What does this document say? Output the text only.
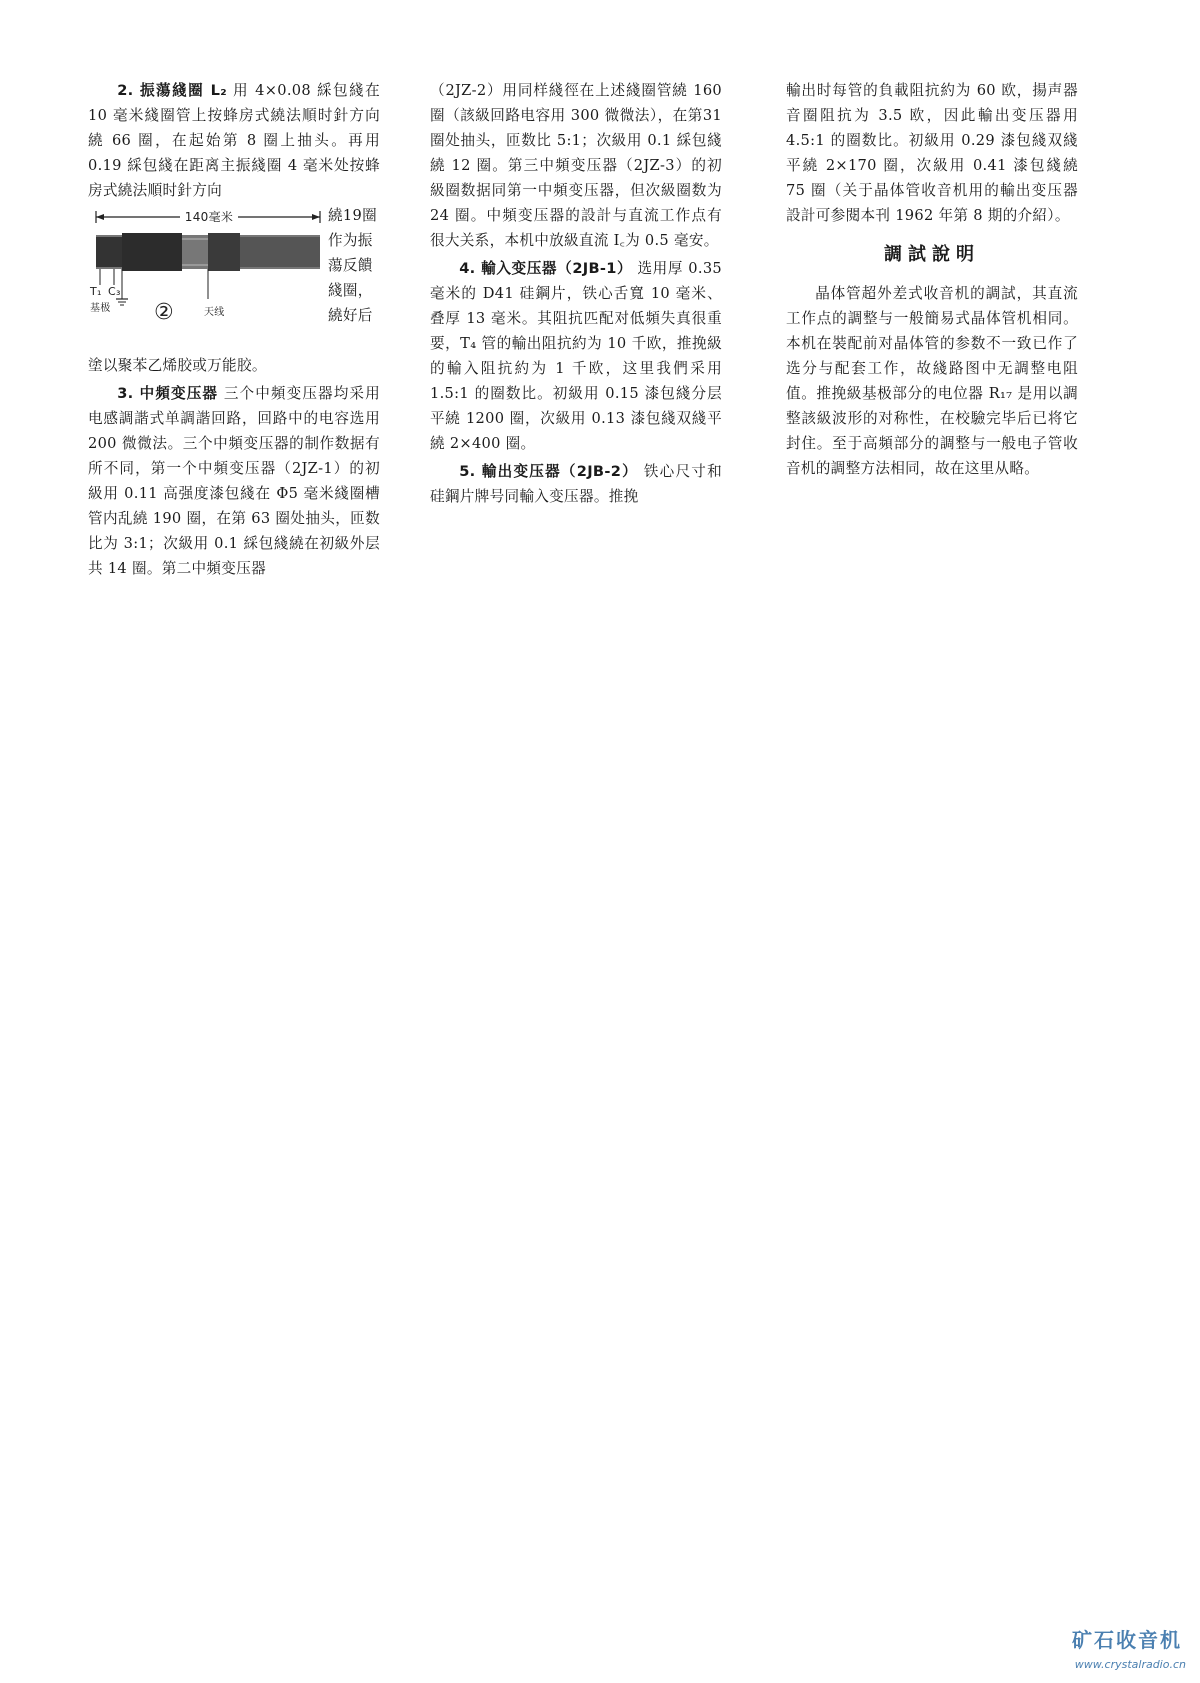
2. 振蕩綫圈 L₂ 用 4×0.08 綵包綫在 10 毫米綫圈管上按蜂房式繞法順时針方向繞 66 圈，在起始第 8 圈上抽头。再用 0.19 綵包綫在距离主振綫圈 4 毫米处按蜂房式繞法順时針方向

140毫米
T₁ C₃
基极	天线
②
繞19圈作为振蕩反饋綫圈，繞好后

塗以聚苯乙烯胶或万能胶。

3. 中頻变压器 三个中頻变压器均采用电感調諧式单調諧回路，回路中的电容选用 200 微微法。三个中頻变压器的制作数据有所不同，第一个中頻变压器（2JZ-1）的初級用 0.11 高强度漆包綫在 Φ5 毫米綫圈槽管内乱繞 190 圈，在第 63 圈处抽头，匝数比为 3:1；次級用 0.1 綵包綫繞在初級外层共 14 圈。第二中頻变压器

（2JZ-2）用同样綫徑在上述綫圈管繞 160圈（該級回路电容用 300 微微法），在第31 圈处抽头，匝数比 5:1；次級用 0.1 綵包綫繞 12 圈。第三中頻变压器（2JZ-3）的初級圈数据同第一中頻变压器，但次級圈数为 24 圈。中頻变压器的設計与直流工作点有很大关系，本机中放級直流 I꜀为 0.5 毫安。

4. 輸入变压器（2JB-1） 选用厚 0.35 毫米的 D41 硅鋼片，铁心舌寬 10 毫米、叠厚 13 毫米。其阻抗匹配对低頻失真很重要，T₄ 管的輸出阻抗約为 10 千欧，推挽級的輸入阻抗約为 1 千欧，这里我們采用 1.5:1 的圈数比。初級用 0.15 漆包綫分层平繞 1200 圈，次級用 0.13 漆包綫双綫平繞 2×400 圈。

5. 輸出变压器（2JB-2） 铁心尺寸和硅鋼片牌号同輸入变压器。推挽

輸出时每管的負載阻抗約为 60 欧，揚声器音圈阻抗为 3.5 欧，因此輸出变压器用 4.5:1 的圈数比。初級用 0.29 漆包綫双綫平繞 2×170 圈，次級用 0.41 漆包綫繞 75 圈（关于晶体管收音机用的輸出变压器設計可参閱本刊 1962 年第 8 期的介紹）。

調試說明

晶体管超外差式收音机的調試，其直流工作点的調整与一般簡易式晶体管机相同。本机在裝配前对晶体管的参数不一致已作了选分与配套工作，故綫路图中无調整电阻值。推挽級基极部分的电位器 R₁₇ 是用以調整該級波形的对称性，在校驗完毕后已将它封住。至于高頻部分的調整与一般电子管收音机的調整方法相同，故在这里从略。

矿石收音机
www.crystalradio.cn
